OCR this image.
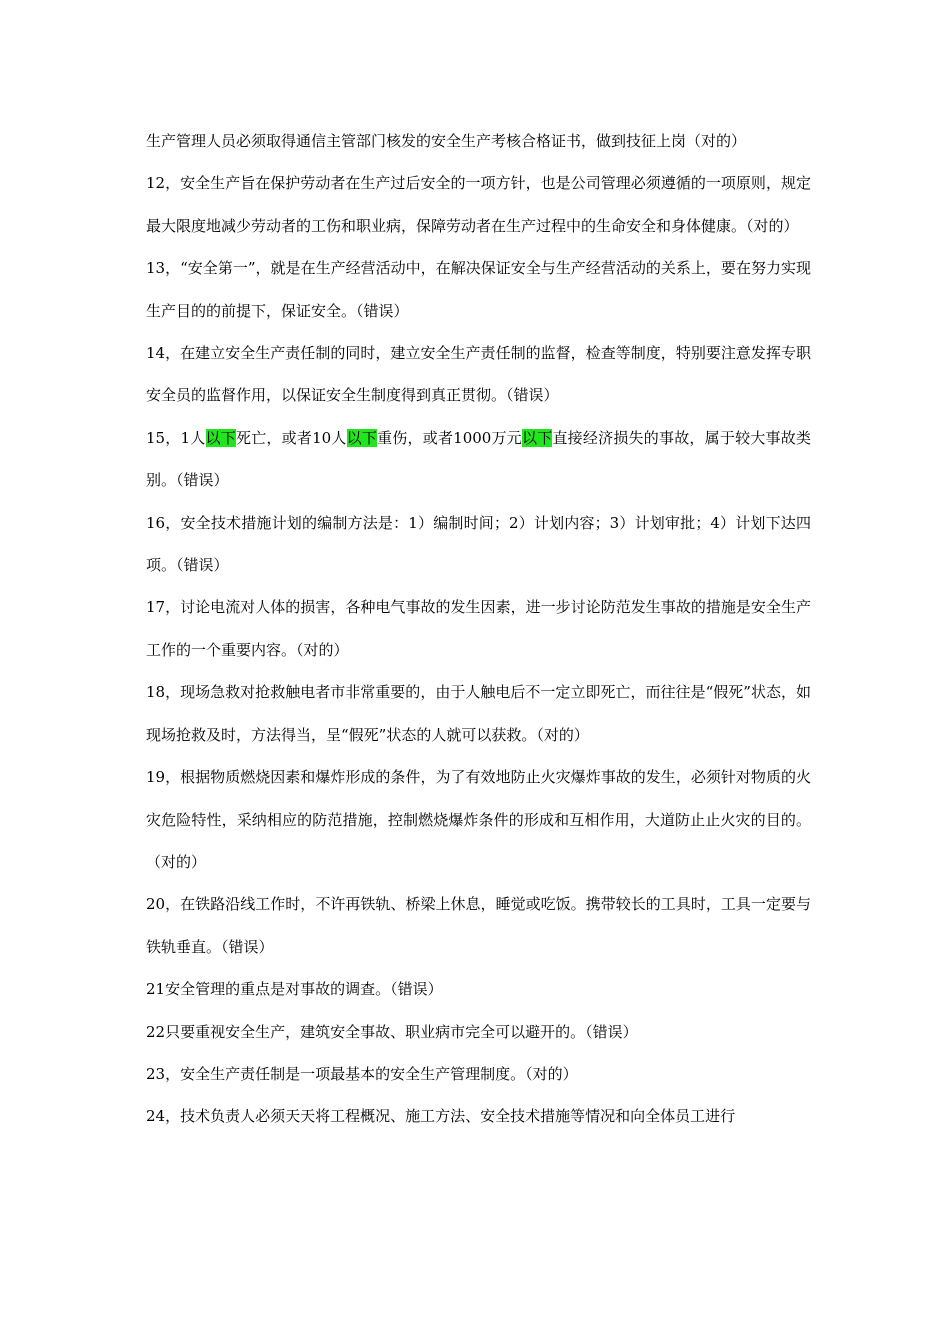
生产管理人员必须取得通信主管部门核发的安全生产考核合格证书，做到技征上岗（对的）

12，安全生产旨在保护劳动者在生产过后安全的一项方针，也是公司管理必须遵循的一项原则，规定最大限度地减少劳动者的工伤和职业病，保障劳动者在生产过程中的生命安全和身体健康。（对的）

13，“安全第一”，就是在生产经营活动中，在解决保证安全与生产经营活动的关系上，要在努力实现生产目的的前提下，保证安全。（错误）

14，在建立安全生产责任制的同时，建立安全生产责任制的监督，检查等制度，特别要注意发挥专职安全员的监督作用，以保证安全生制度得到真正贯彻。（错误）

15，1人以下死亡，或者10人以下重伤，或者1000万元以下直接经济损失的事故，属于较大事故类别。（错误）

16，安全技术措施计划的编制方法是：1）编制时间；2）计划内容；3）计划审批；4）计划下达四项。（错误）

17，讨论电流对人体的损害，各种电气事故的发生因素，进一步讨论防范发生事故的措施是安全生产工作的一个重要内容。（对的）

18，现场急救对抢救触电者市非常重要的，由于人触电后不一定立即死亡，而往往是“假死”状态，如现场抢救及时，方法得当，呈“假死”状态的人就可以获救。（对的）

19，根据物质燃烧因素和爆炸形成的条件，为了有效地防止火灾爆炸事故的发生，必须针对物质的火灾危险特性，采纳相应的防范措施，控制燃烧爆炸条件的形成和互相作用，大道防止止火灾的目的。（对的）

20，在铁路沿线工作时，不许再铁轨、桥梁上休息，睡觉或吃饭。携带较长的工具时，工具一定要与铁轨垂直。（错误）

21安全管理的重点是对事故的调查。（错误）

22只要重视安全生产，建筑安全事故、职业病市完全可以避开的。（错误）

23，安全生产责任制是一项最基本的安全生产管理制度。（对的）

24，技术负责人必须天天将工程概况、施工方法、安全技术措施等情况和向全体员工进行
